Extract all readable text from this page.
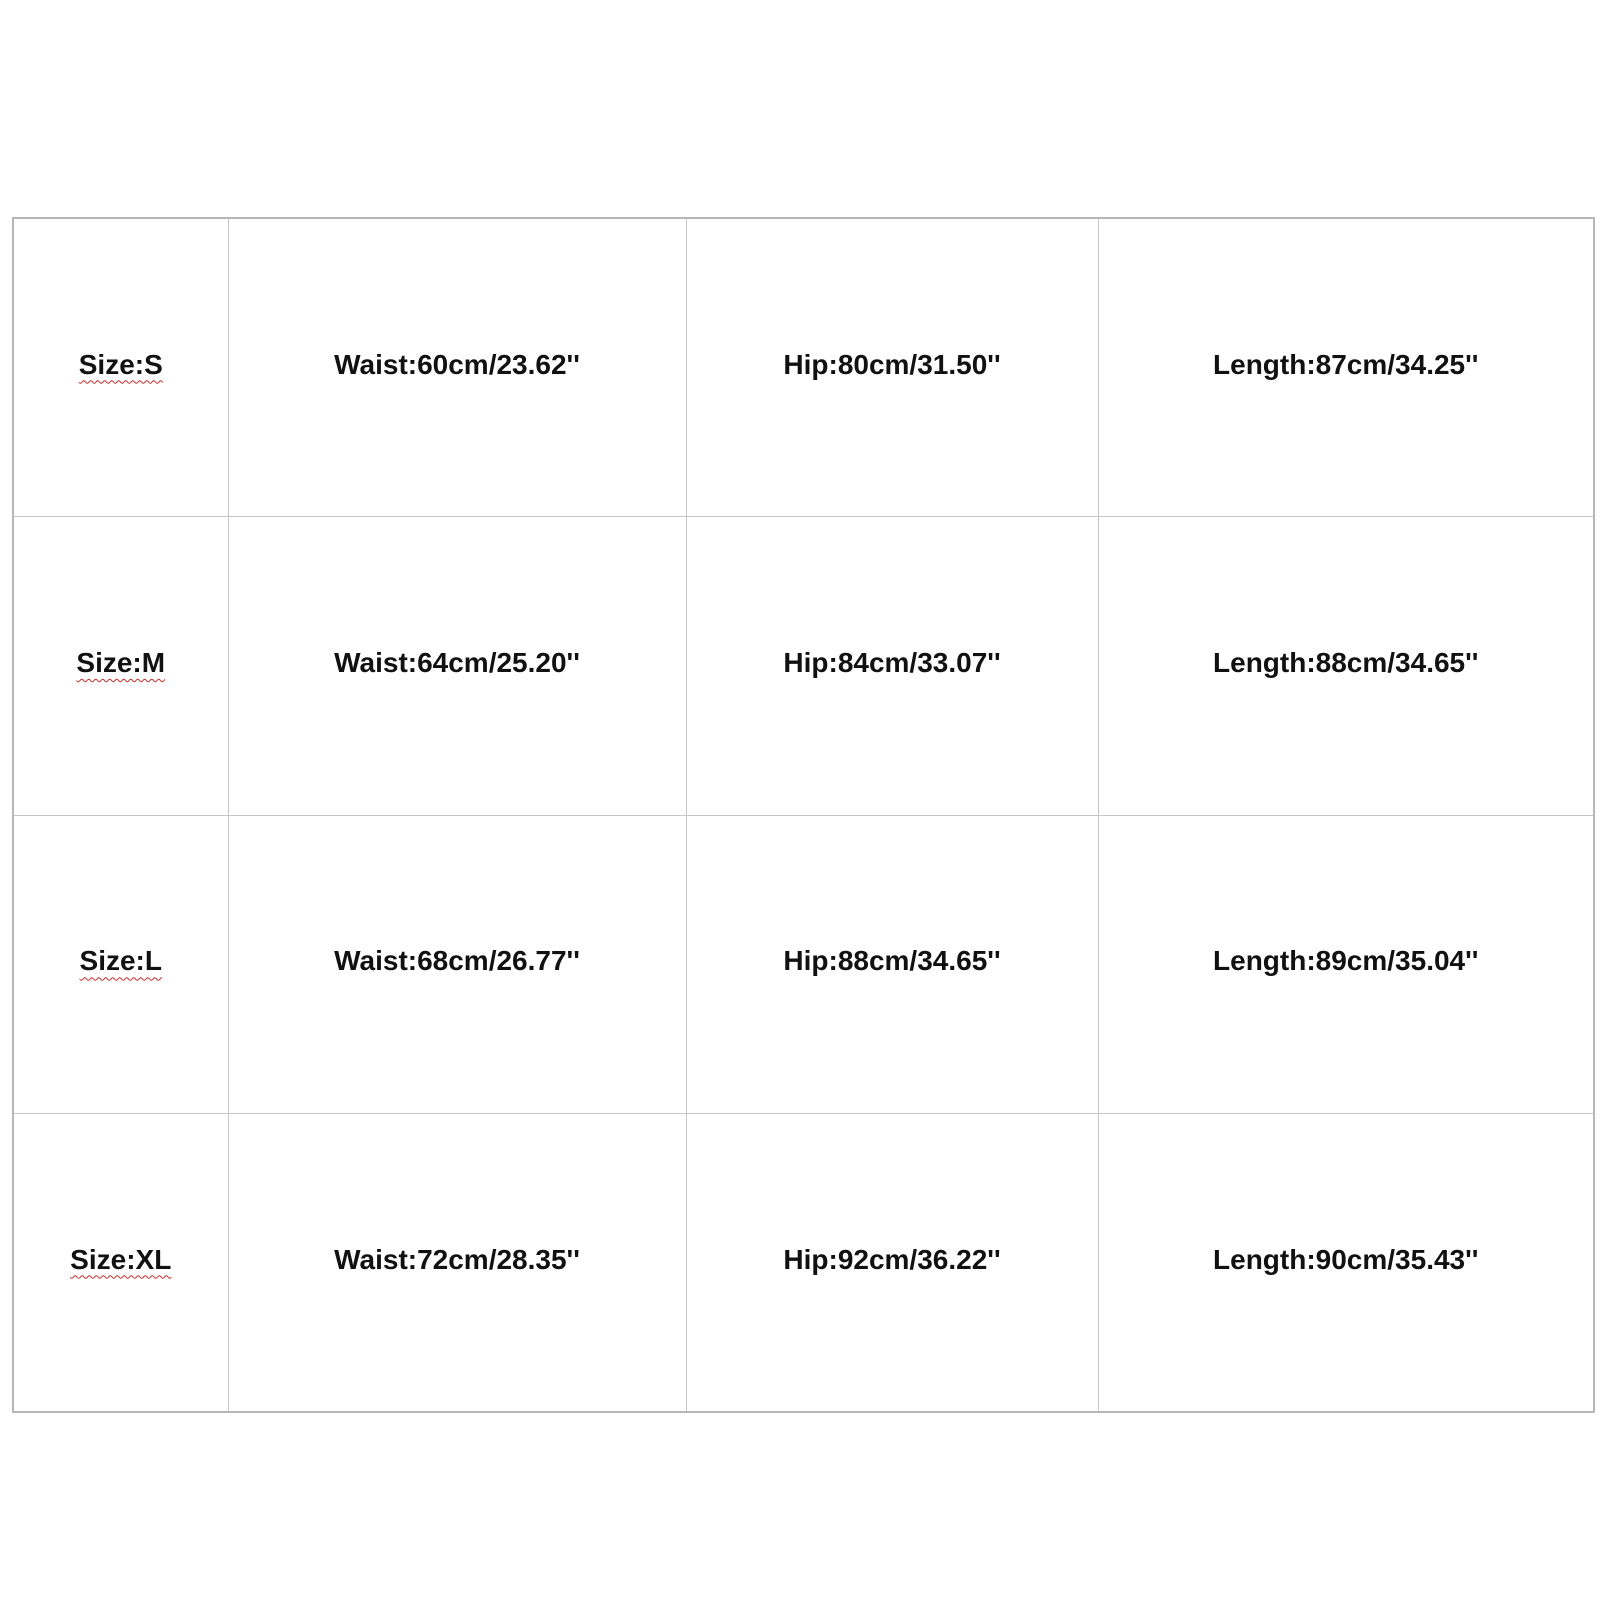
Size:S	Waist:60cm/23.62''	Hip:80cm/31.50''	Length:87cm/34.25''
Size:M	Waist:64cm/25.20''	Hip:84cm/33.07''	Length:88cm/34.65''
Size:L	Waist:68cm/26.77''	Hip:88cm/34.65''	Length:89cm/35.04''
Size:XL	Waist:72cm/28.35''	Hip:92cm/36.22''	Length:90cm/35.43''
